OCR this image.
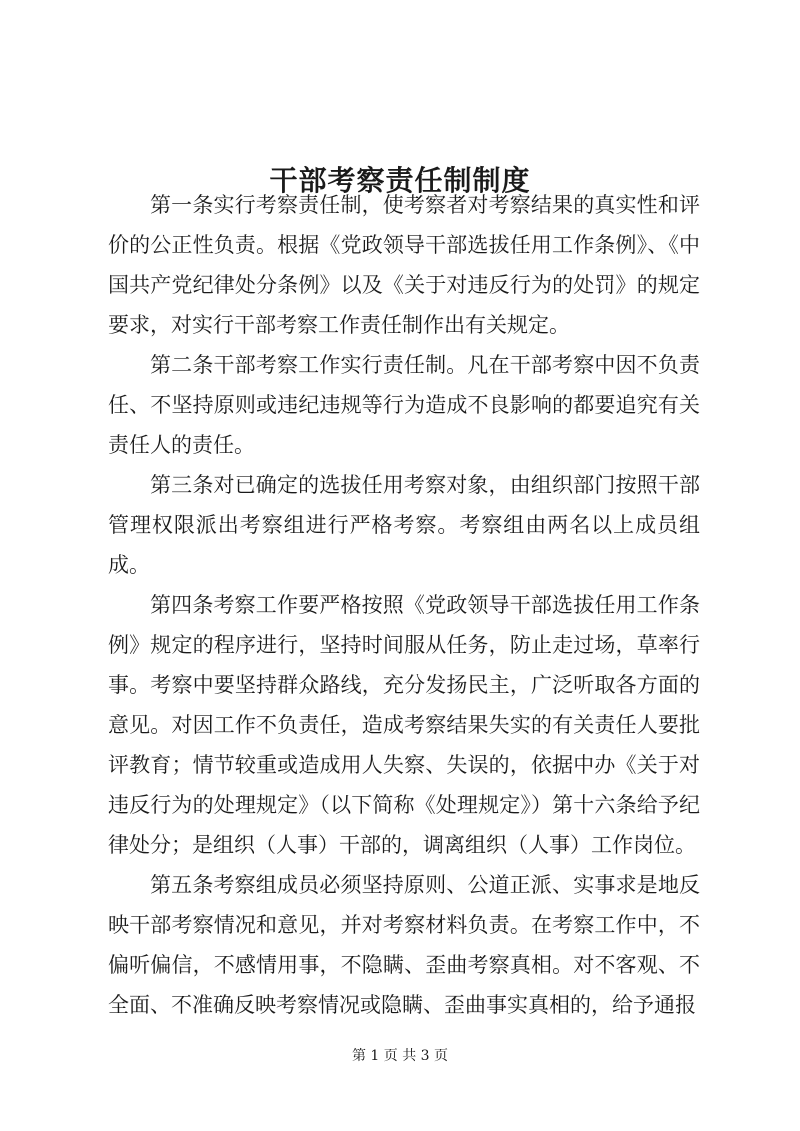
干部考察责任制制度

第一条实行考察责任制，使考察者对考察结果的真实性和评价的公正性负责。根据《党政领导干部选拔任用工作条例》、《中国共产党纪律处分条例》以及《关于对违反行为的处罚》的规定要求，对实行干部考察工作责任制作出有关规定。

第二条干部考察工作实行责任制。凡在干部考察中因不负责任、不坚持原则或违纪违规等行为造成不良影响的都要追究有关责任人的责任。

第三条对已确定的选拔任用考察对象，由组织部门按照干部管理权限派出考察组进行严格考察。考察组由两名以上成员组成。

第四条考察工作要严格按照《党政领导干部选拔任用工作条例》规定的程序进行，坚持时间服从任务，防止走过场，草率行事。考察中要坚持群众路线，充分发扬民主，广泛听取各方面的意见。对因工作不负责任，造成考察结果失实的有关责任人要批评教育；情节较重或造成用人失察、失误的，依据中办《关于对违反行为的处理规定》（以下简称《处理规定》）第十六条给予纪律处分；是组织（人事）干部的，调离组织（人事）工作岗位。

第五条考察组成员必须坚持原则、公道正派、实事求是地反映干部考察情况和意见，并对考察材料负责。在考察工作中，不偏听偏信，不感情用事，不隐瞒、歪曲考察真相。对不客观、不全面、不准确反映考察情况或隐瞒、歪曲事实真相的，给予通报

第 1 页 共 3 页
